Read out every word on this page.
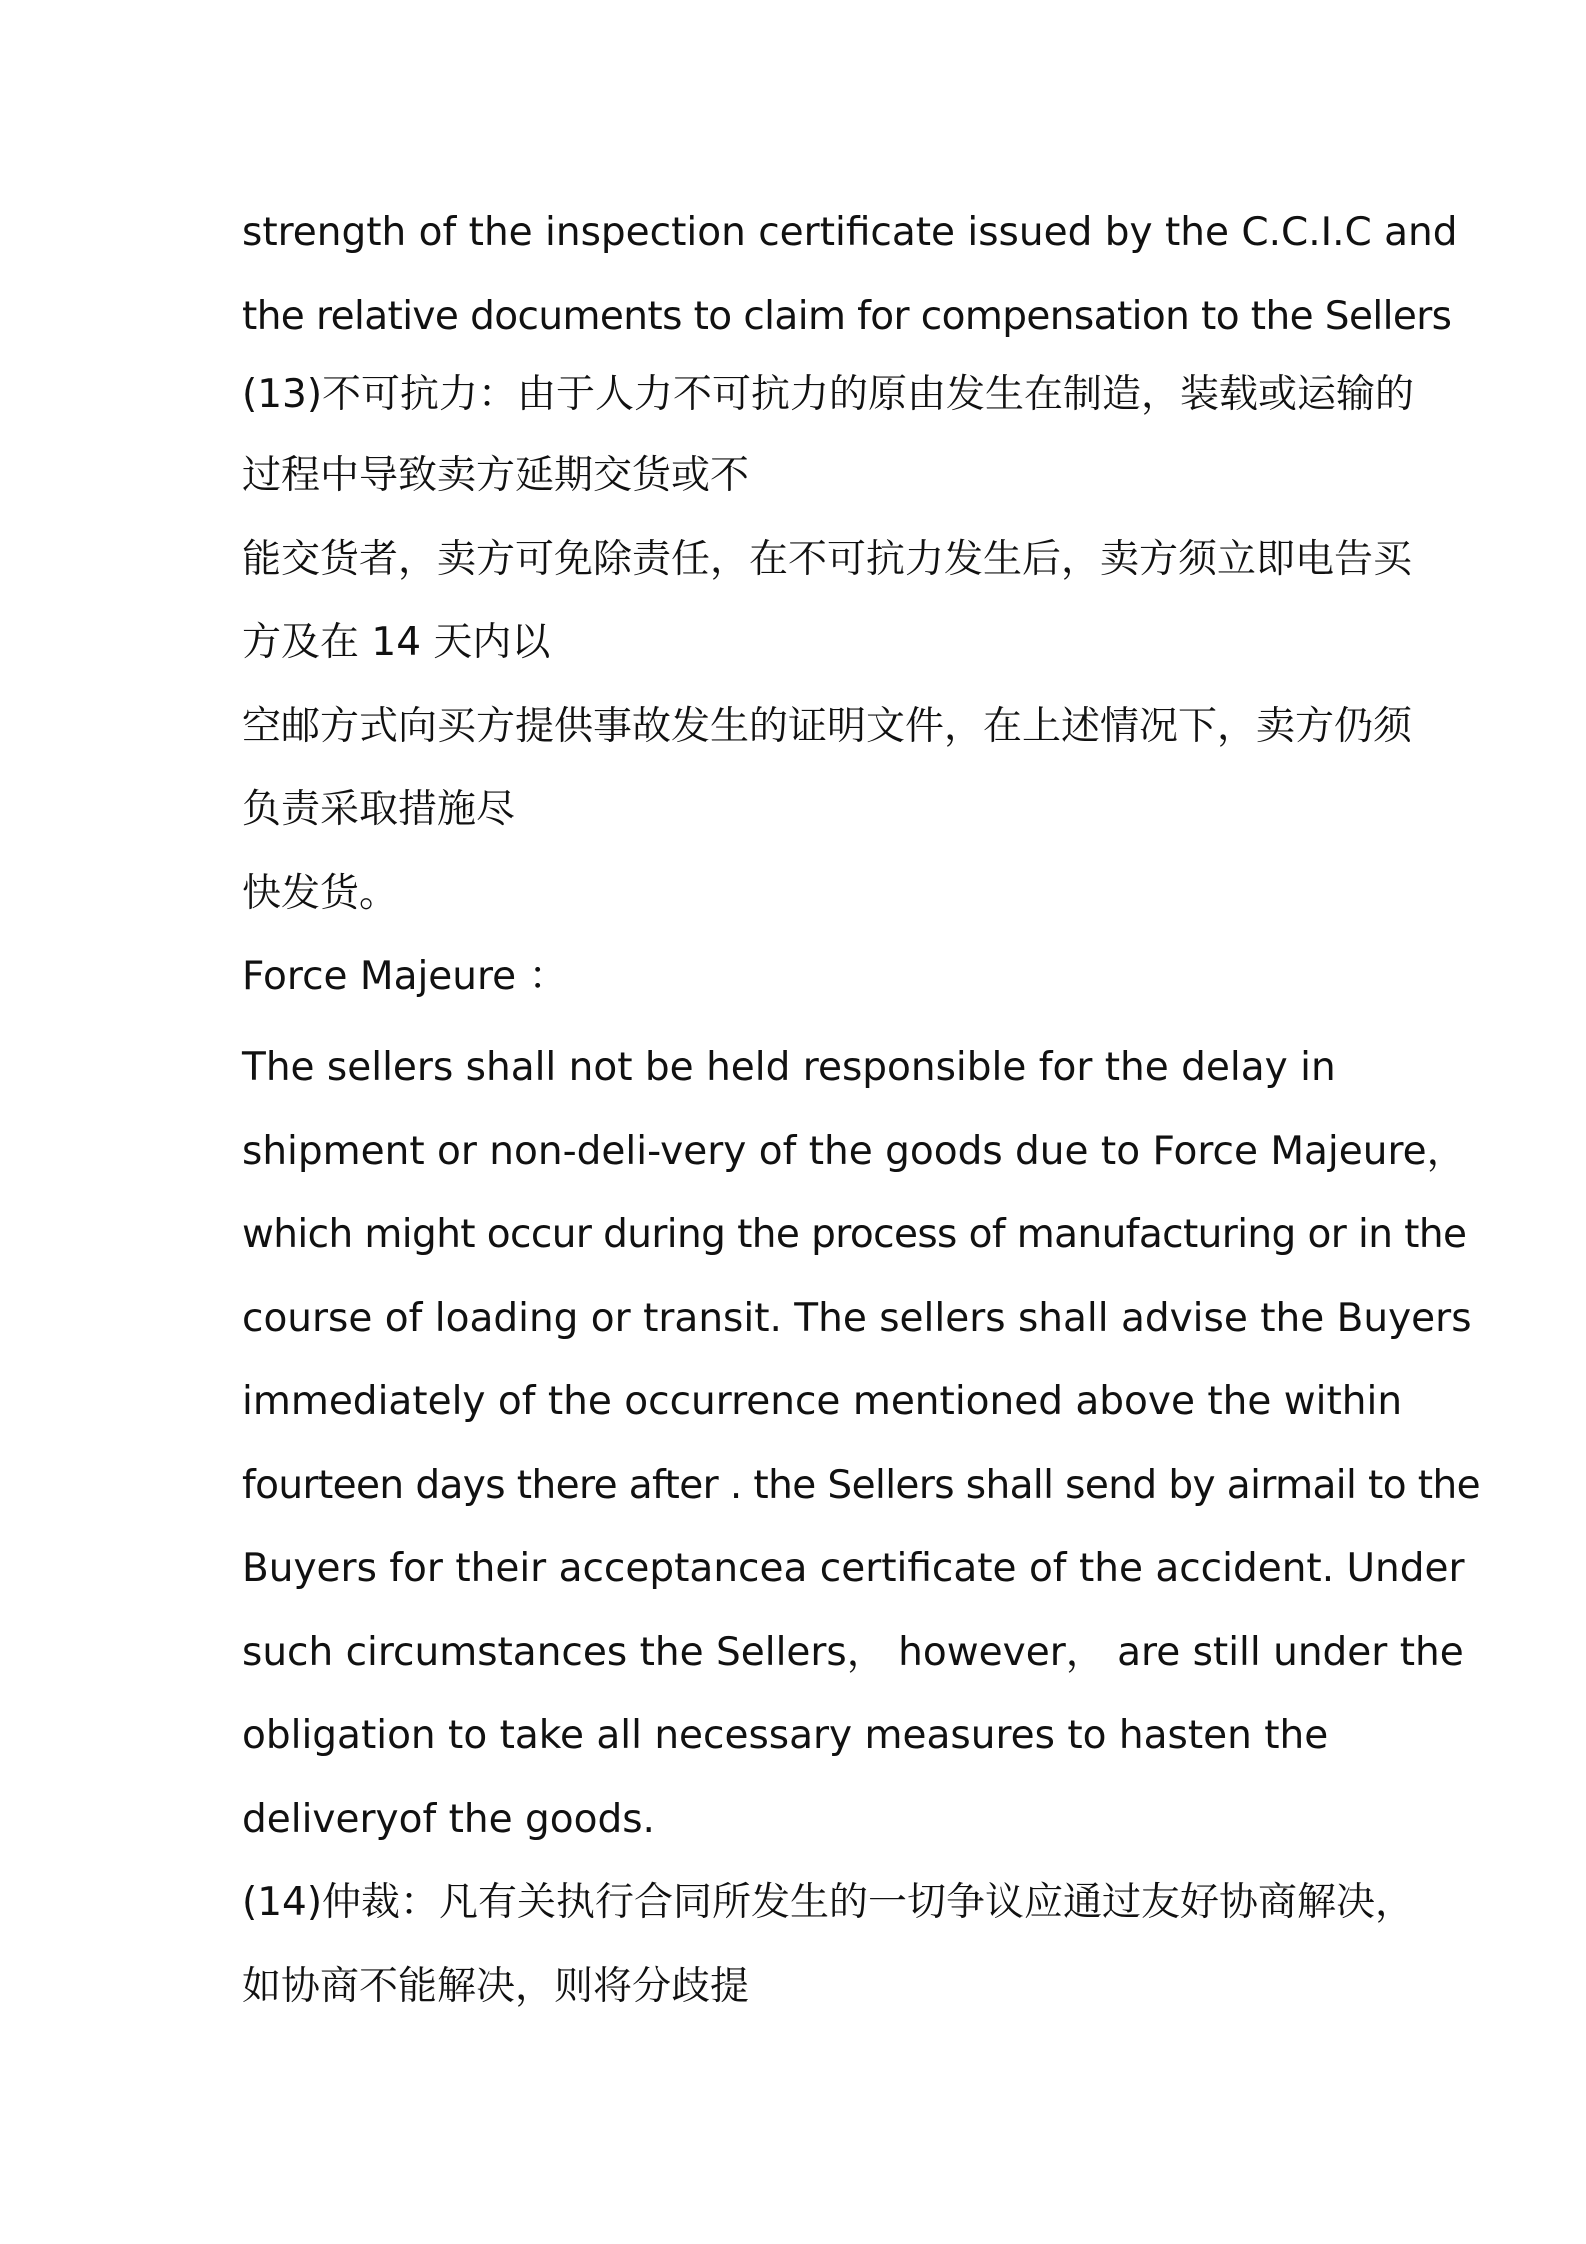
strength of the inspection certificate issued by the C.C.I.C and
the relative documents to claim for compensation to the Sellers
(13)不可抗力：由于人力不可抗力的原由发生在制造，装载或运输的
过程中导致卖方延期交货或不
能交货者，卖方可免除责任，在不可抗力发生后，卖方须立即电告买
方及在 14 天内以
空邮方式向买方提供事故发生的证明文件，在上述情况下，卖方仍须
负责采取措施尽
快发货。
Force Majeure ：
The sellers shall not be held responsible for the delay in
shipment or non-deli-very of the goods due to Force Majeure，
which might occur during the process of manufacturing or in the
course of loading or transit. The sellers shall advise the Buyers
immediately of the occurrence mentioned above the within
fourteen days there after . the Sellers shall send by airmail to the
Buyers for their acceptancea certificate of the accident. Under
such circumstances the Sellers， however， are still under the
obligation to take all necessary measures to hasten the
deliveryof the goods.
(14)仲裁：凡有关执行合同所发生的一切争议应通过友好协商解决，
如协商不能解决，则将分歧提
